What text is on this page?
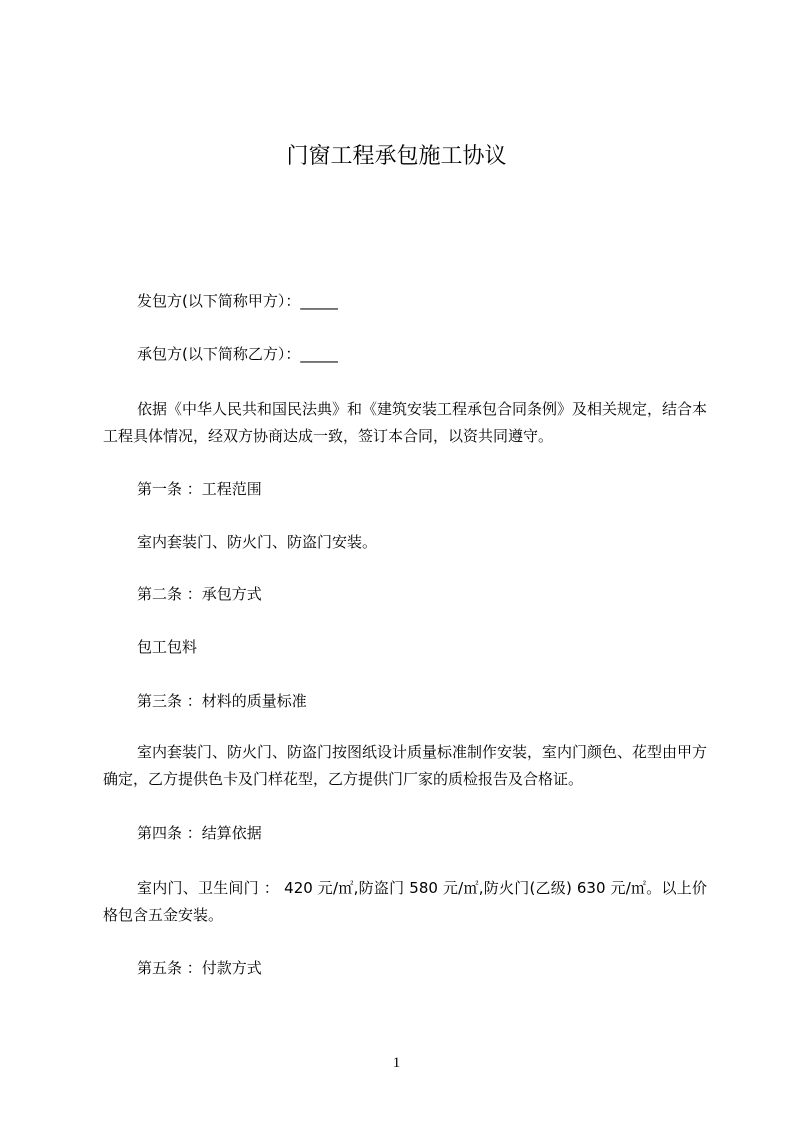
门窗工程承包施工协议
发包方(以下简称甲方）：_____
承包方(以下简称乙方）：_____
依据《中华人民共和国民法典》和《建筑安装工程承包合同条例》及相关规定，结合本工程具体情况，经双方协商达成一致，签订本合同，以资共同遵守。
第一条 ：工程范围
室内套装门、防火门、防盗门安装。
第二条 ：承包方式
包工包料
第三条 ：材料的质量标准
室内套装门、防火门、防盗门按图纸设计质量标准制作安装，室内门颜色、花型由甲方确定，乙方提供色卡及门样花型，乙方提供门厂家的质检报告及合格证。
第四条 ：结算依据
室内门、卫生间门 ： 420 元/㎡,防盗门 580 元/㎡,防火门(乙级) 630 元/㎡。以上价格包含五金安装。
第五条 ：付款方式
1
